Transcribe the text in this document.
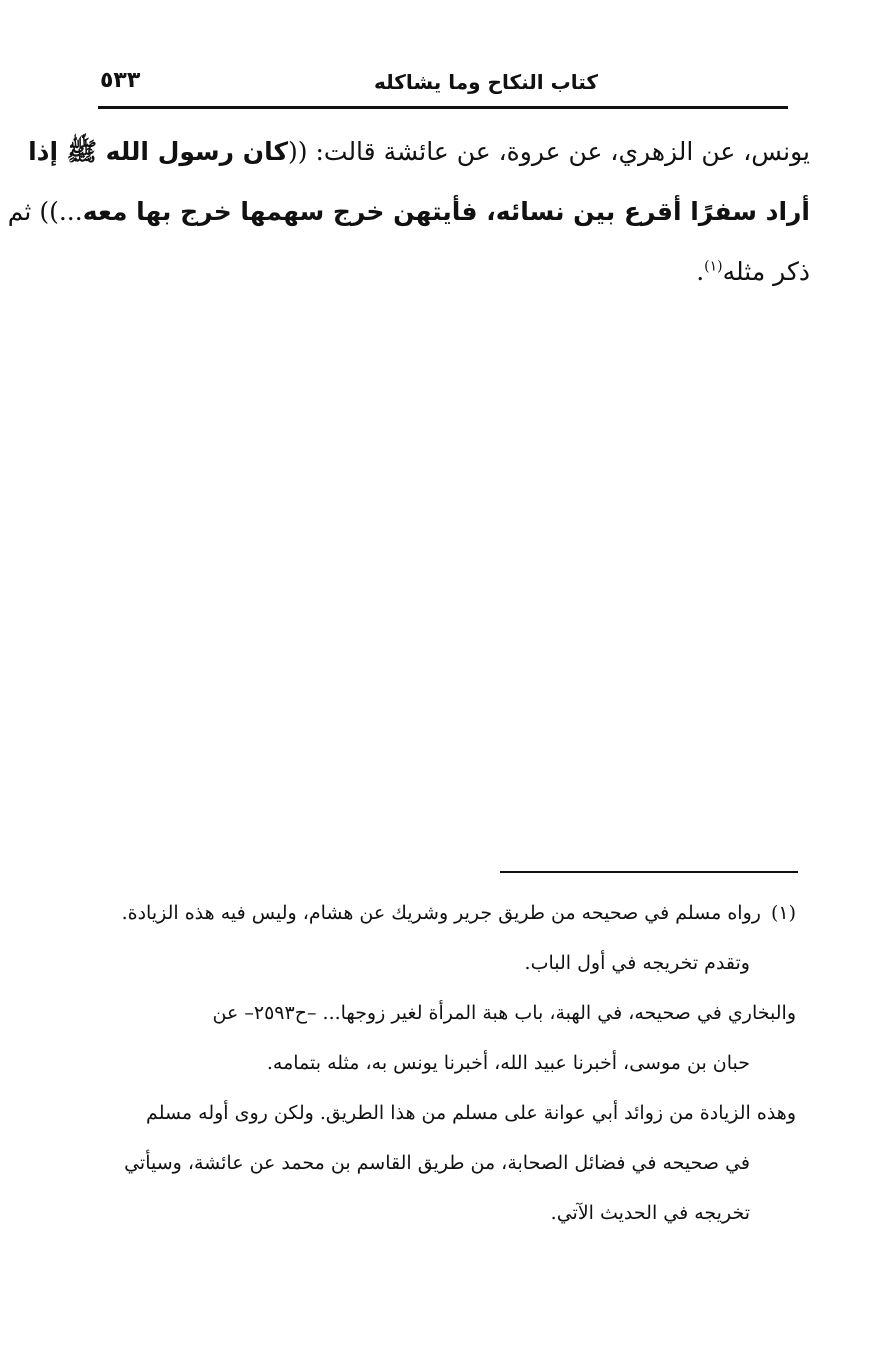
كتاب النكاح وما يشاكله
٥٣٣
يونس، عن الزهري، عن عروة، عن عائشة قالت: ((كان رسول الله ﷺ إذا
أراد سفرًا أقرع بين نسائه، فأيتهن خرج سهمها خرج بها معه...)) ثم
ذكر مثله$^{(١)}$.
(١)رواه مسلم في صحيحه من طريق جرير وشريك عن هشام، وليس فيه هذه الزيادة.
وتقدم تخريجه في أول الباب.
والبخاري في صحيحه، في الهبة، باب هبة المرأة لغير زوجها... –ح٢٥٩٣– عن
حبان بن موسى، أخبرنا عبيد الله، أخبرنا يونس به، مثله بتمامه.
وهذه الزيادة من زوائد أبي عوانة على مسلم من هذا الطريق. ولكن روى أوله مسلم
في صحيحه في فضائل الصحابة، من طريق القاسم بن محمد عن عائشة، وسيأتي
تخريجه في الحديث الآتي.
